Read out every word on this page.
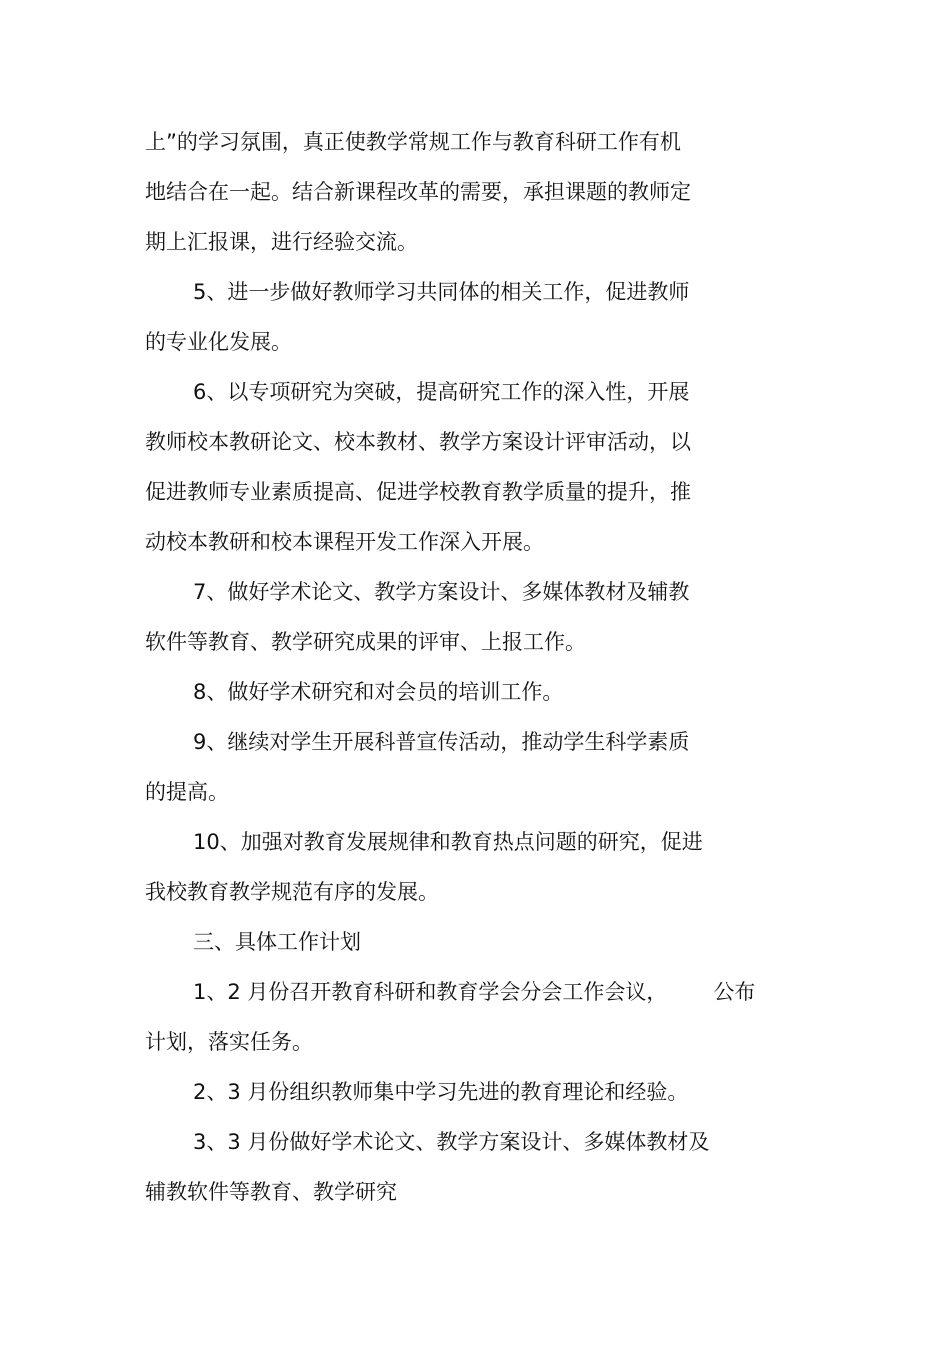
上”的学习氛围，真正使教学常规工作与教育科研工作有机
地结合在一起。结合新课程改革的需要，承担课题的教师定
期上汇报课，进行经验交流。
5、进一步做好教师学习共同体的相关工作，促进教师
的专业化发展。
6、以专项研究为突破，提高研究工作的深入性，开展
教师校本教研论文、校本教材、教学方案设计评审活动，以
促进教师专业素质提高、促进学校教育教学质量的提升，推
动校本教研和校本课程开发工作深入开展。
7、做好学术论文、教学方案设计、多媒体教材及辅教
软件等教育、教学研究成果的评审、上报工作。
8、做好学术研究和对会员的培训工作。
9、继续对学生开展科普宣传活动，推动学生科学素质
的提高。
10、加强对教育发展规律和教育热点问题的研究，促进
我校教育教学规范有序的发展。
三、具体工作计划
1、2 月份召开教育科研和教育学会分会工作会议， 公布
计划，落实任务。
2、3 月份组织教师集中学习先进的教育理论和经验。
3、3 月份做好学术论文、教学方案设计、多媒体教材及
辅教软件等教育、教学研究
